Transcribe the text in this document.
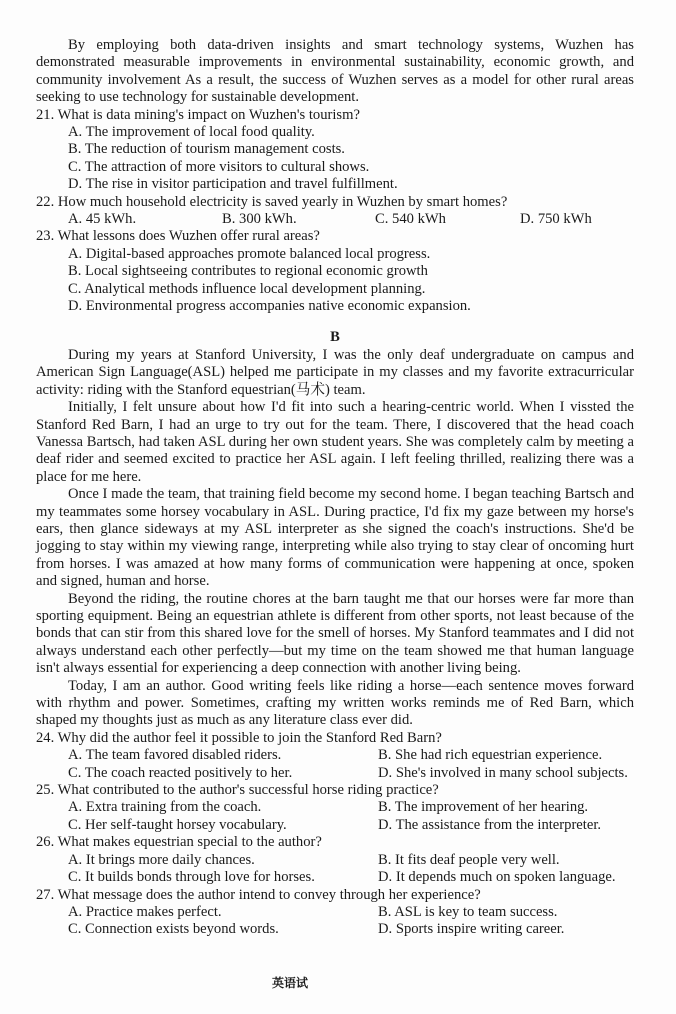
By employing both data-driven insights and smart technology systems, Wuzhen has demonstrated measurable improvements in environmental sustainability, economic growth, and community involvement As a result, the success of Wuzhen serves as a model for other rural areas seeking to use technology for sustainable development.

21. What is data mining's impact on Wuzhen's tourism?

A. The improvement of local food quality.

B. The reduction of tourism management costs.

C. The attraction of more visitors to cultural shows.

D. The rise in visitor participation and travel fulfillment.

22. How much household electricity is saved yearly in Wuzhen by smart homes?

A. 45 kWh.	B. 300 kWh.	C. 540 kWh	D. 750 kWh

23. What lessons does Wuzhen offer rural areas?

A. Digital-based approaches promote balanced local progress.

B. Local sightseeing contributes to regional economic growth

C. Analytical methods influence local development planning.

D. Environmental progress accompanies native economic expansion.

B

During my years at Stanford University, I was the only deaf undergraduate on campus and American Sign Language(ASL) helped me participate in my classes and my favorite extracurricular activity: riding with the Stanford equestrian(马术) team.

Initially, I felt unsure about how I'd fit into such a hearing-centric world. When I vissted the Stanford Red Barn, I had an urge to try out for the team. There, I discovered that the head coach Vanessa Bartsch, had taken ASL during her own student years. She was completely calm by meeting a deaf rider and seemed excited to practice her ASL again. I left feeling thrilled, realizing there was a place for me here.

Once I made the team, that training field become my second home. I began teaching Bartsch and my teammates some horsey vocabulary in ASL. During practice, I'd fix my gaze between my horse's ears, then glance sideways at my ASL interpreter as she signed the coach's instructions. She'd be jogging to stay within my viewing range, interpreting while also trying to stay clear of oncoming hurt from horses. I was amazed at how many forms of communication were happening at once, spoken and signed, human and horse.

Beyond the riding, the routine chores at the barn taught me that our horses were far more than sporting equipment. Being an equestrian athlete is different from other sports, not least because of the bonds that can stir from this shared love for the smell of horses. My Stanford teammates and I did not always understand each other perfectly—but my time on the team showed me that human language isn't always essential for experiencing a deep connection with another living being.

Today, I am an author. Good writing feels like riding a horse—each sentence moves forward with rhythm and power. Sometimes, crafting my written works reminds me of Red Barn, which shaped my thoughts just as much as any literature class ever did.

24. Why did the author feel it possible to join the Stanford Red Barn?

A. The team favored disabled riders.	B. She had rich equestrian experience.
C. The coach reacted positively to her.	D. She's involved in many school subjects.

25. What contributed to the author's successful horse riding practice?

A. Extra training from the coach.	B. The improvement of her hearing.
C. Her self-taught horsey vocabulary.	D. The assistance from the interpreter.

26. What makes equestrian special to the author?

A. It brings more daily chances.	B. It fits deaf people very well.
C. It builds bonds through love for horses.	D. It depends much on spoken language.

27. What message does the author intend to convey through her experience?

A. Practice makes perfect.	B. ASL is key to team success.
C. Connection exists beyond words.	D. Sports inspire writing career.
英语试
